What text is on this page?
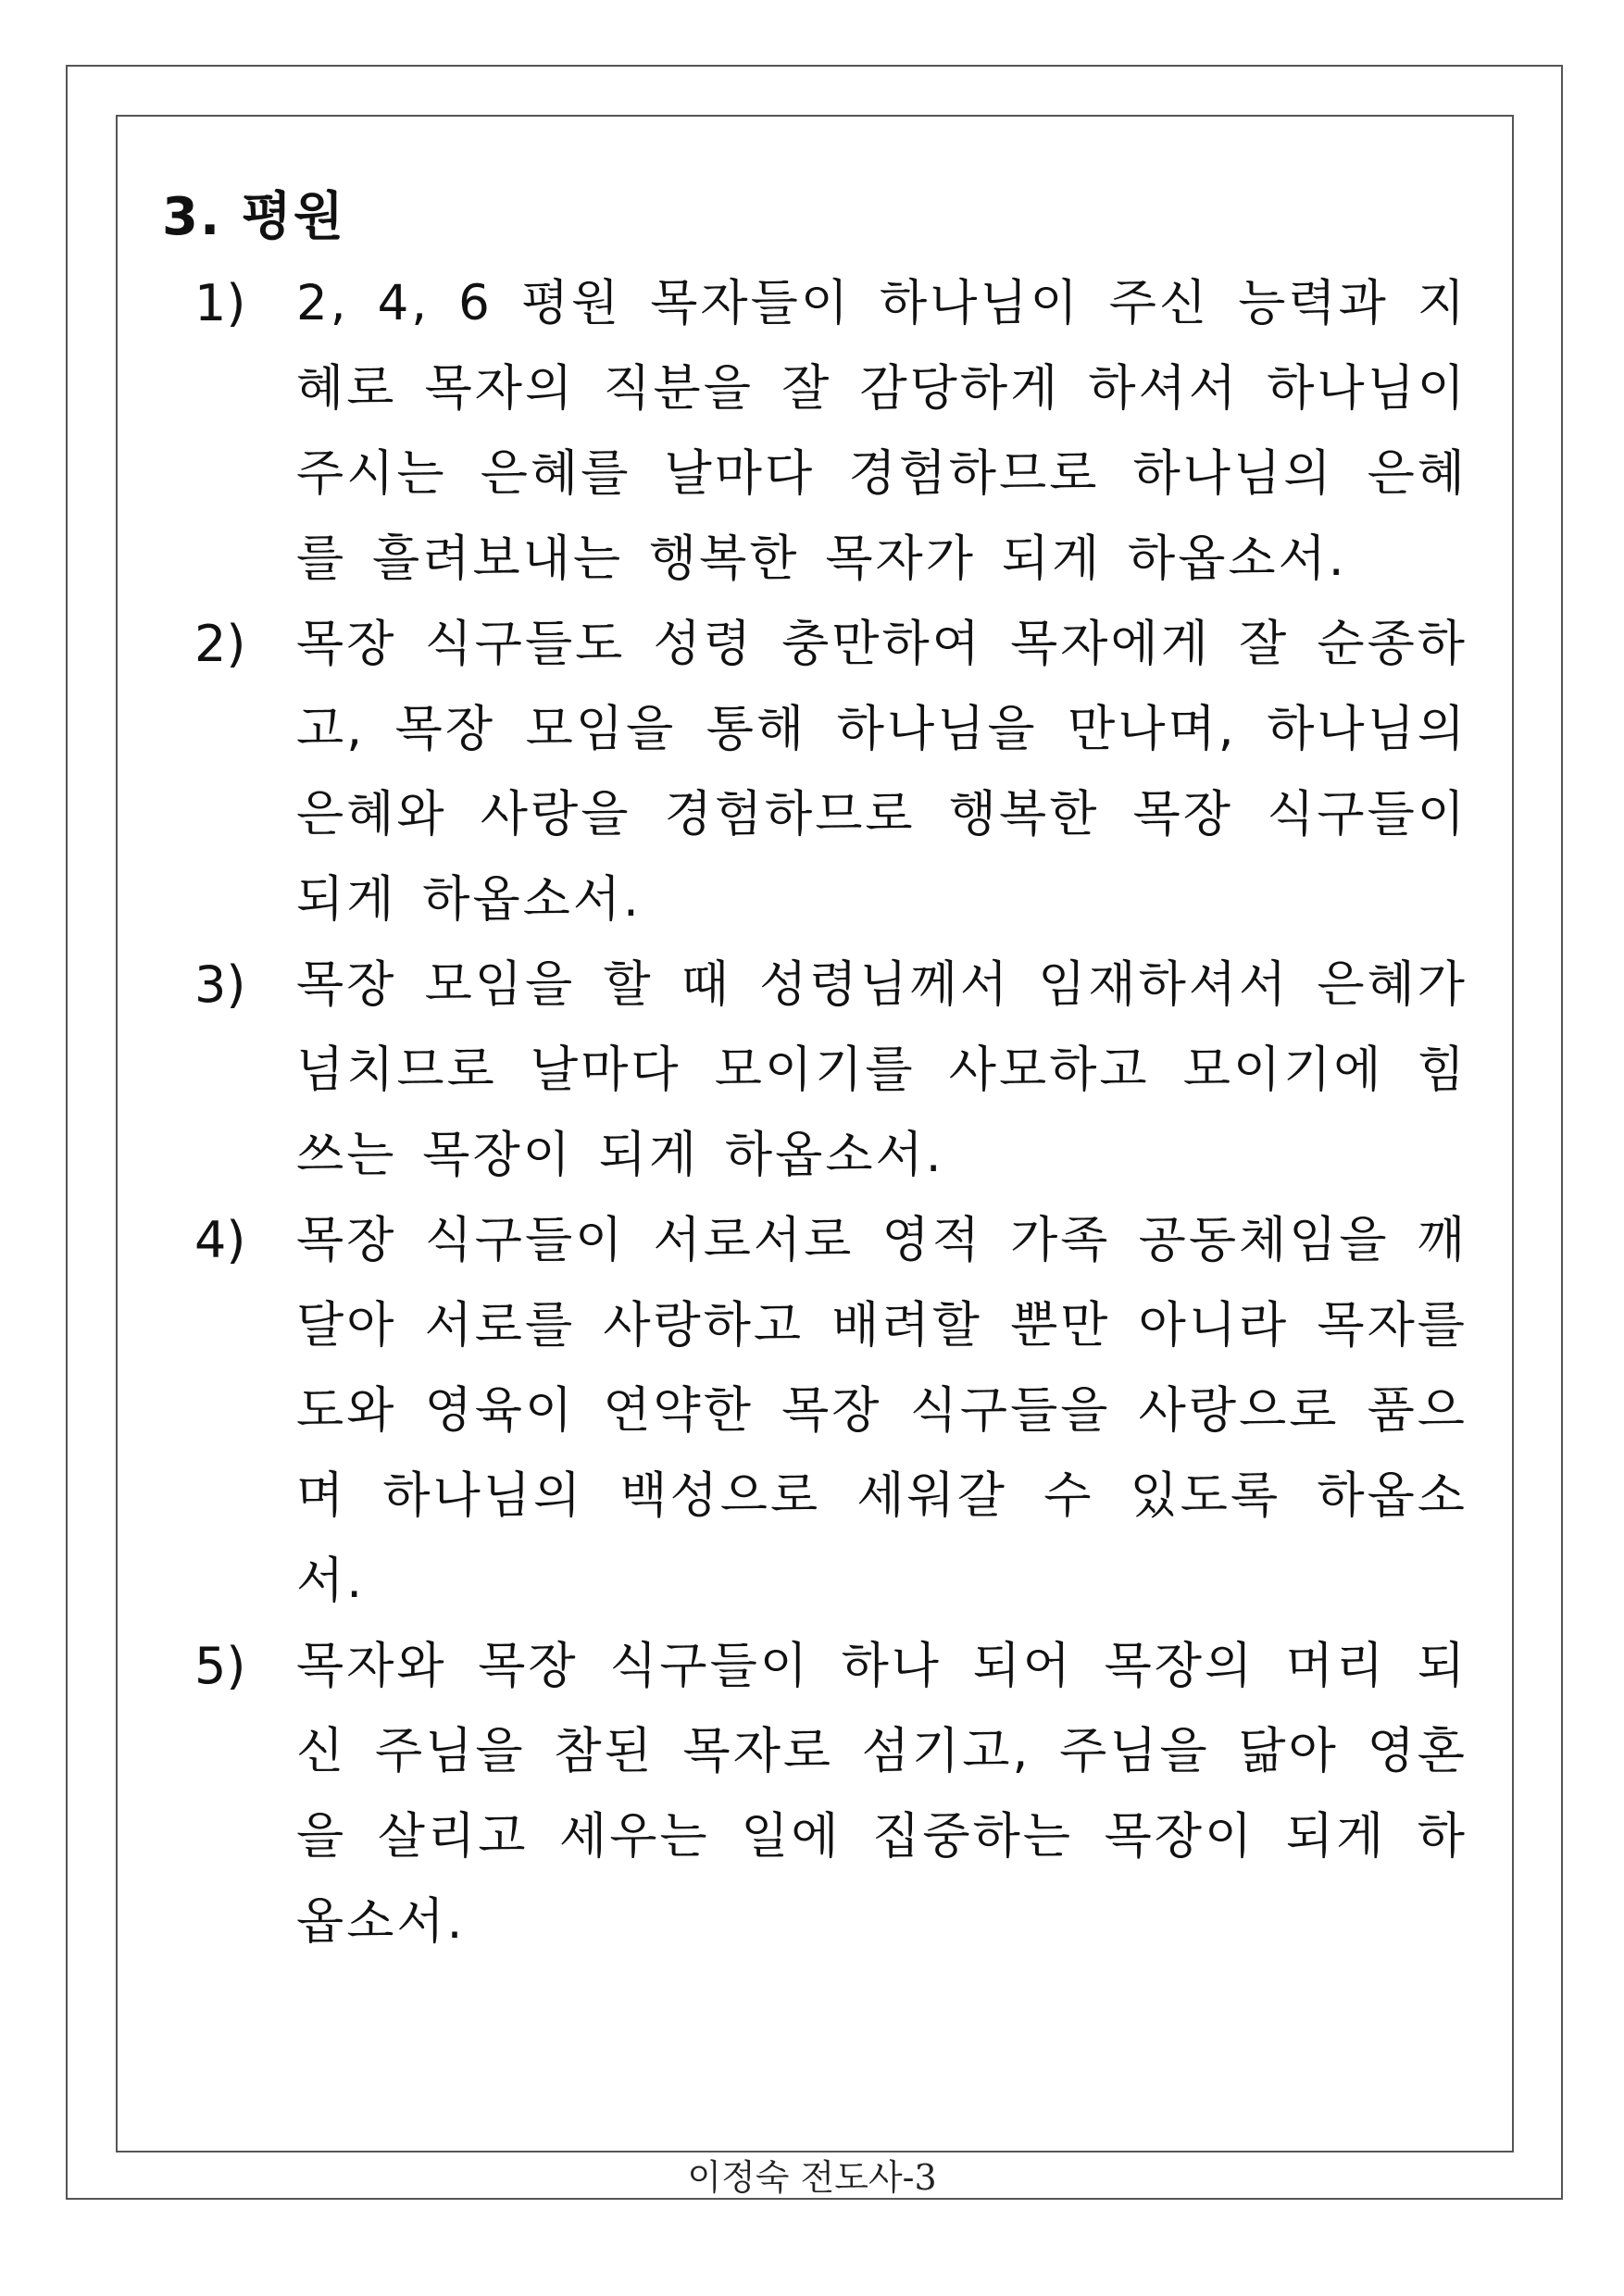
3. 평원
1) 2, 4, 6 평원 목자들이 하나님이 주신 능력과 지혜로 목자의 직분을 잘 감당하게 하셔서 하나님이 주시는 은혜를 날마다 경험하므로 하나님의 은혜를 흘려보내는 행복한 목자가 되게 하옵소서.
2) 목장 식구들도 성령 충만하여 목자에게 잘 순종하고, 목장 모임을 통해 하나님을 만나며, 하나님의 은혜와 사랑을 경험하므로 행복한 목장 식구들이 되게 하옵소서.
3) 목장 모임을 할 때 성령님께서 임재하셔서 은혜가 넘치므로 날마다 모이기를 사모하고 모이기에 힘쓰는 목장이 되게 하옵소서.
4) 목장 식구들이 서로서로 영적 가족 공동체임을 깨달아 서로를 사랑하고 배려할 뿐만 아니라 목자를 도와 영육이 연약한 목장 식구들을 사랑으로 품으며 하나님의 백성으로 세워갈 수 있도록 하옵소서.
5) 목자와 목장 식구들이 하나 되어 목장의 머리 되신 주님을 참된 목자로 섬기고, 주님을 닮아 영혼을 살리고 세우는 일에 집중하는 목장이 되게 하옵소서.
이정숙 전도사-3
